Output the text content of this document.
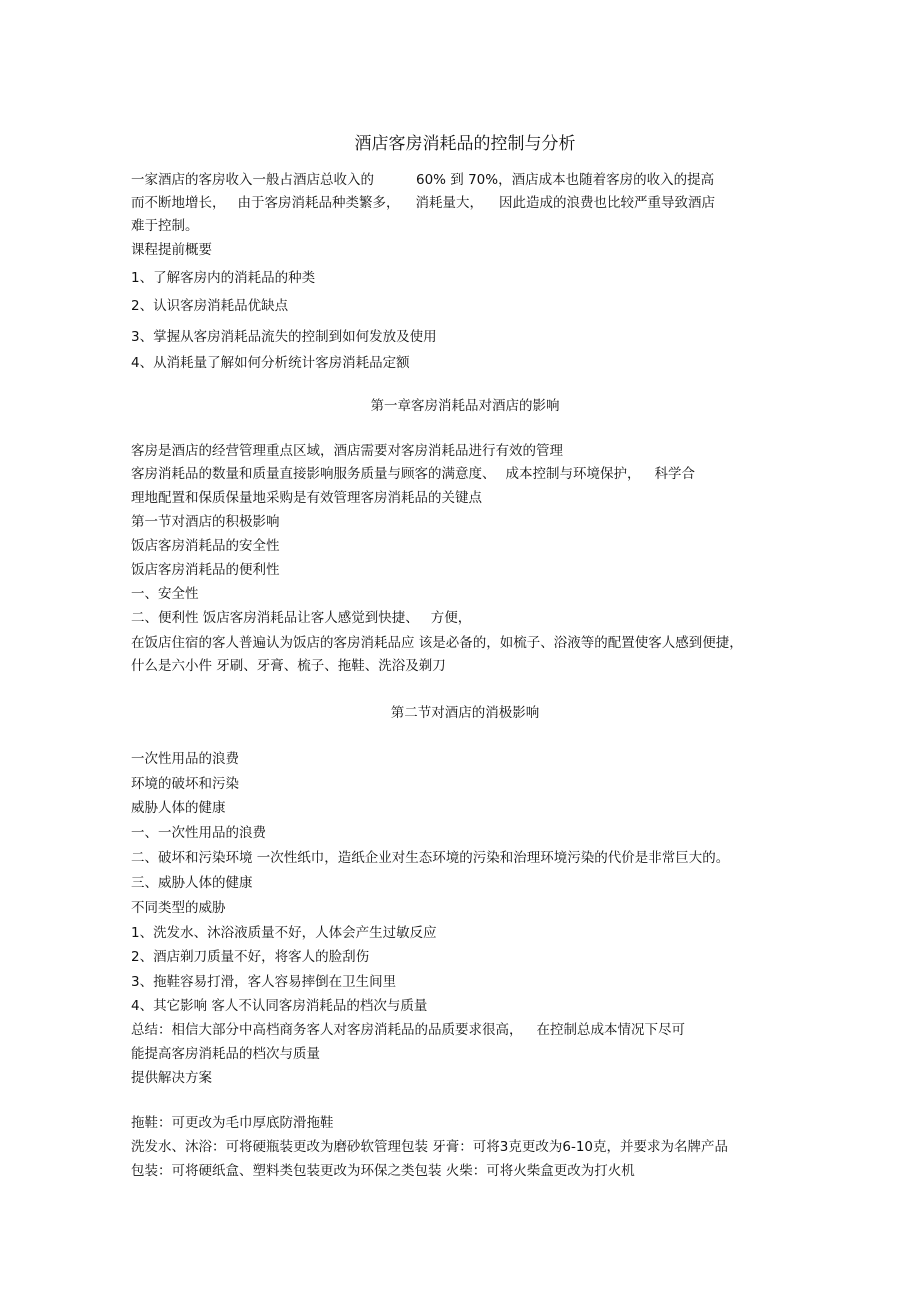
酒店客房消耗品的控制与分析

一家酒店的客房收入一般占酒店总收入的	60% 到 70%，酒店成本也随着客房的收入的提高

而不断地增长， 由于客房消耗品种类繁多， 消耗量大， 因此造成的浪费也比较严重导致酒店

难于控制。

课程提前概要

1、了解客房内的消耗品的种类

2、认识客房消耗品优缺点

3、掌握从客房消耗品流失的控制到如何发放及使用

4、从消耗量了解如何分析统计客房消耗品定额

第一章客房消耗品对酒店的影响

客房是酒店的经营管理重点区域，酒店需要对客房消耗品进行有效的管理

客房消耗品的数量和质量直接影响服务质量与顾客的满意度、 成本控制与环境保护， 科学合

理地配置和保质保量地采购是有效管理客房消耗品的关键点

第一节对酒店的积极影响

饭店客房消耗品的安全性

饭店客房消耗品的便利性

一、安全性

二、便利性 饭店客房消耗品让客人感觉到快捷、 方便，

在饭店住宿的客人普遍认为饭店的客房消耗品应 该是必备的，如梳子、浴液等的配置使客人感到便捷，

什么是六小件 牙刷、牙膏、梳子、拖鞋、洗浴及剃刀

第二节对酒店的消极影响

一次性用品的浪费

环境的破坏和污染

威胁人体的健康

一、一次性用品的浪费

二、破坏和污染环境 一次性纸巾，造纸企业对生态环境的污染和治理环境污染的代价是非常巨大的。

三、威胁人体的健康

不同类型的威胁

1、洗发水、沐浴液质量不好，人体会产生过敏反应

2、酒店剃刀质量不好，将客人的脸刮伤

3、拖鞋容易打滑，客人容易摔倒在卫生间里

4、其它影响 客人不认同客房消耗品的档次与质量

总结：相信大部分中高档商务客人对客房消耗品的品质要求很高， 在控制总成本情况下尽可

能提高客房消耗品的档次与质量

提供解决方案

拖鞋：可更改为毛巾厚底防滑拖鞋

洗发水、沐浴：可将硬瓶装更改为磨砂软管理包装 牙膏：可将3克更改为6-10克，并要求为名牌产品

包装：可将硬纸盒、塑料类包装更改为环保之类包装 火柴：可将火柴盒更改为打火机
